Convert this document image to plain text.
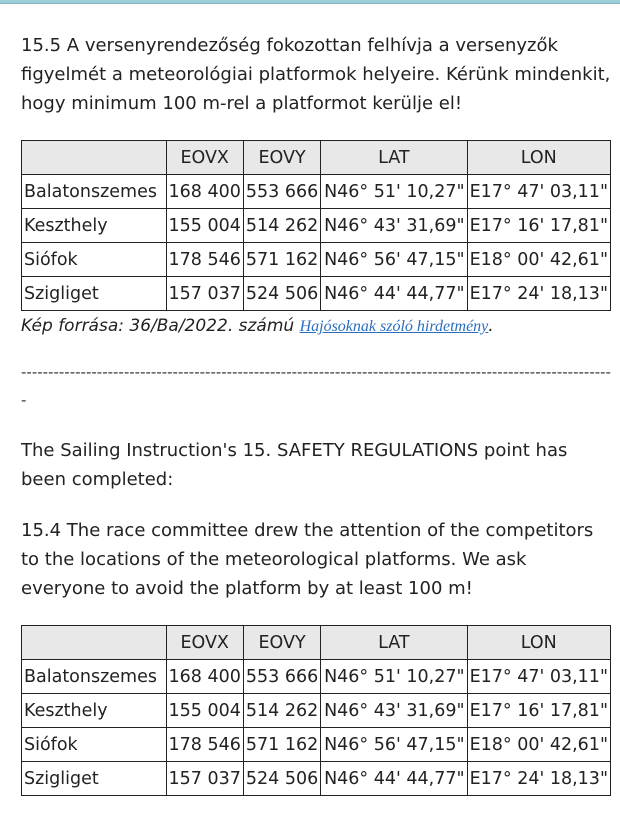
15.5 A versenyrendezőség fokozottan felhívja a versenyzők figyelmét a meteorológiai platformok helyeire. Kérünk mindenkit, hogy minimum 100 m-rel a platformot kerülje el!

	EOVX	EOVY	LAT	LON
Balatonszemes	168 400	553 666	N46° 51' 10,27"	E17° 47' 03,11"
Keszthely	155 004	514 262	N46° 43' 31,69"	E17° 16' 17,81"
Siófok	178 546	571 162	N46° 56' 47,15"	E18° 00' 42,61"
Szigliget	157 037	524 506	N46° 44' 44,77"	E17° 24' 18,13"
Kép forrása: 36/Ba/2022. számú Hajósoknak szóló hirdetmény.
--------------------------------------------------------------------------------------------------------------

The Sailing Instruction's 15. SAFETY REGULATIONS point has been completed:

15.4 The race committee drew the attention of the competitors to the locations of the meteorological platforms. We ask everyone to avoid the platform by at least 100 m!

	EOVX	EOVY	LAT	LON
Balatonszemes	168 400	553 666	N46° 51' 10,27"	E17° 47' 03,11"
Keszthely	155 004	514 262	N46° 43' 31,69"	E17° 16' 17,81"
Siófok	178 546	571 162	N46° 56' 47,15"	E18° 00' 42,61"
Szigliget	157 037	524 506	N46° 44' 44,77"	E17° 24' 18,13"
